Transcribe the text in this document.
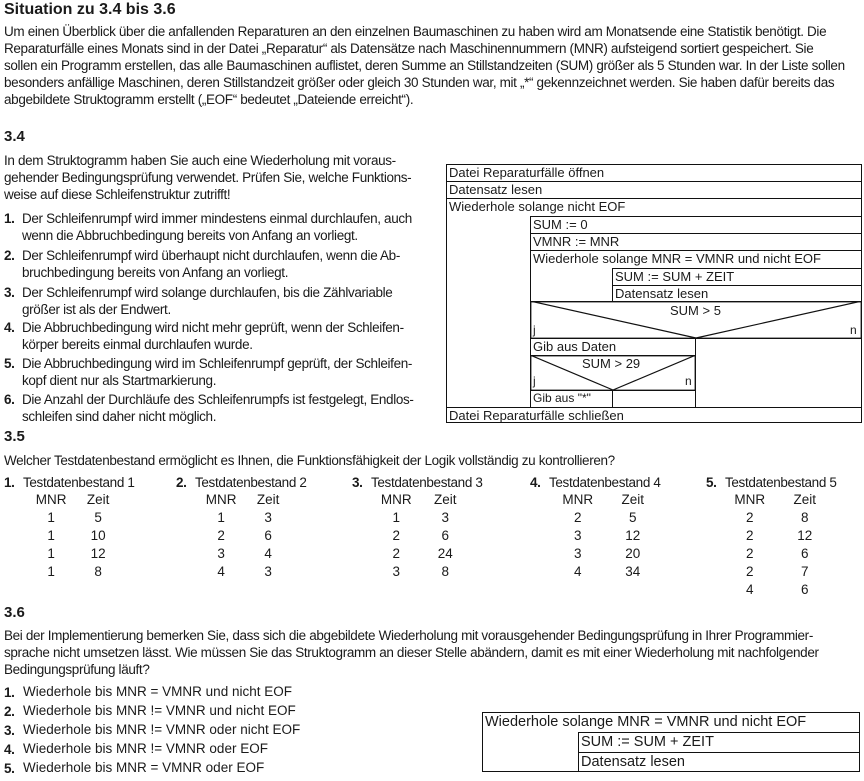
Situation zu 3.4 bis 3.6
Um einen Überblick über die anfallenden Reparaturen an den einzelnen Baumaschinen zu haben wird am Monatsende eine Statistik benötigt. Die
Reparaturfälle eines Monats sind in der Datei „Reparatur“ als Datensätze nach Maschinennummern (MNR) aufsteigend sortiert gespeichert. Sie
sollen ein Programm erstellen, das alle Baumaschinen auflistet, deren Summe an Stillstandzeiten (SUM) größer als 5 Stunden war. In der Liste sollen
besonders anfällige Maschinen, deren Stillstandzeit größer oder gleich 30 Stunden war, mit „*“ gekennzeichnet werden. Sie haben dafür bereits das
abgebildete Struktogramm erstellt („EOF“ bedeutet „Dateiende erreicht“).
3.4
In dem Struktogramm haben Sie auch eine Wiederholung mit voraus-
gehender Bedingungsprüfung verwendet. Prüfen Sie, welche Funktions-
weise auf diese Schleifenstruktur zutrifft!
1. Der Schleifenrumpf wird immer mindestens einmal durchlaufen, auch
wenn die Abbruchbedingung bereits von Anfang an vorliegt.
2. Der Schleifenrumpf wird überhaupt nicht durchlaufen, wenn die Ab-
bruchbedingung bereits von Anfang an vorliegt.
3. Der Schleifenrumpf wird solange durchlaufen, bis die Zählvariable
größer ist als der Endwert.
4. Die Abbruchbedingung wird nicht mehr geprüft, wenn der Schleifen-
körper bereits einmal durchlaufen wurde.
5. Die Abbruchbedingung wird im Schleifenrumpf geprüft, der Schleifen-
kopf dient nur als Startmarkierung.
6. Die Anzahl der Durchläufe des Schleifenrumpfs ist festgelegt, Endlos-
schleifen sind daher nicht möglich.
Datei Reparaturfälle öffnen
Datensatz lesen
Wiederhole solange nicht EOF
SUM := 0
VMNR := MNR
Wiederhole solange MNR = VMNR und nicht EOF
SUM := SUM + ZEIT
Datensatz lesen
SUM > 5
j	n
Gib aus Daten
SUM > 29
j	n
Gib aus "*"
Datei Reparaturfälle schließen
3.5
Welcher Testdatenbestand ermöglicht es Ihnen, die Funktionsfähigkeit der Logik vollständig zu kontrollieren?
1. Testdatenbestand 1
MNR	Zeit
1	5
1	10
1	12
1	8
2. Testdatenbestand 2
MNR	Zeit
1	3
2	6
3	4
4	3
3. Testdatenbestand 3
MNR	Zeit
1	3
2	6
2	24
3	8
4. Testdatenbestand 4
MNR	Zeit
2	5
3	12
3	20
4	34
5. Testdatenbestand 5
MNR	Zeit
2	8
2	12
2	6
2	7
4	6
3.6
Bei der Implementierung bemerken Sie, dass sich die abgebildete Wiederholung mit vorausgehender Bedingungsprüfung in Ihrer Programmier-
sprache nicht umsetzen lässt. Wie müssen Sie das Struktogramm an dieser Stelle abändern, damit es mit einer Wiederholung mit nachfolgender
Bedingungsprüfung läuft?
1. Wiederhole bis MNR = VMNR und nicht EOF
2. Wiederhole bis MNR != VMNR und nicht EOF
3. Wiederhole bis MNR != VMNR oder nicht EOF
4. Wiederhole bis MNR != VMNR oder EOF
5. Wiederhole bis MNR = VMNR oder EOF
Wiederhole solange MNR = VMNR und nicht EOF
SUM := SUM + ZEIT
Datensatz lesen
